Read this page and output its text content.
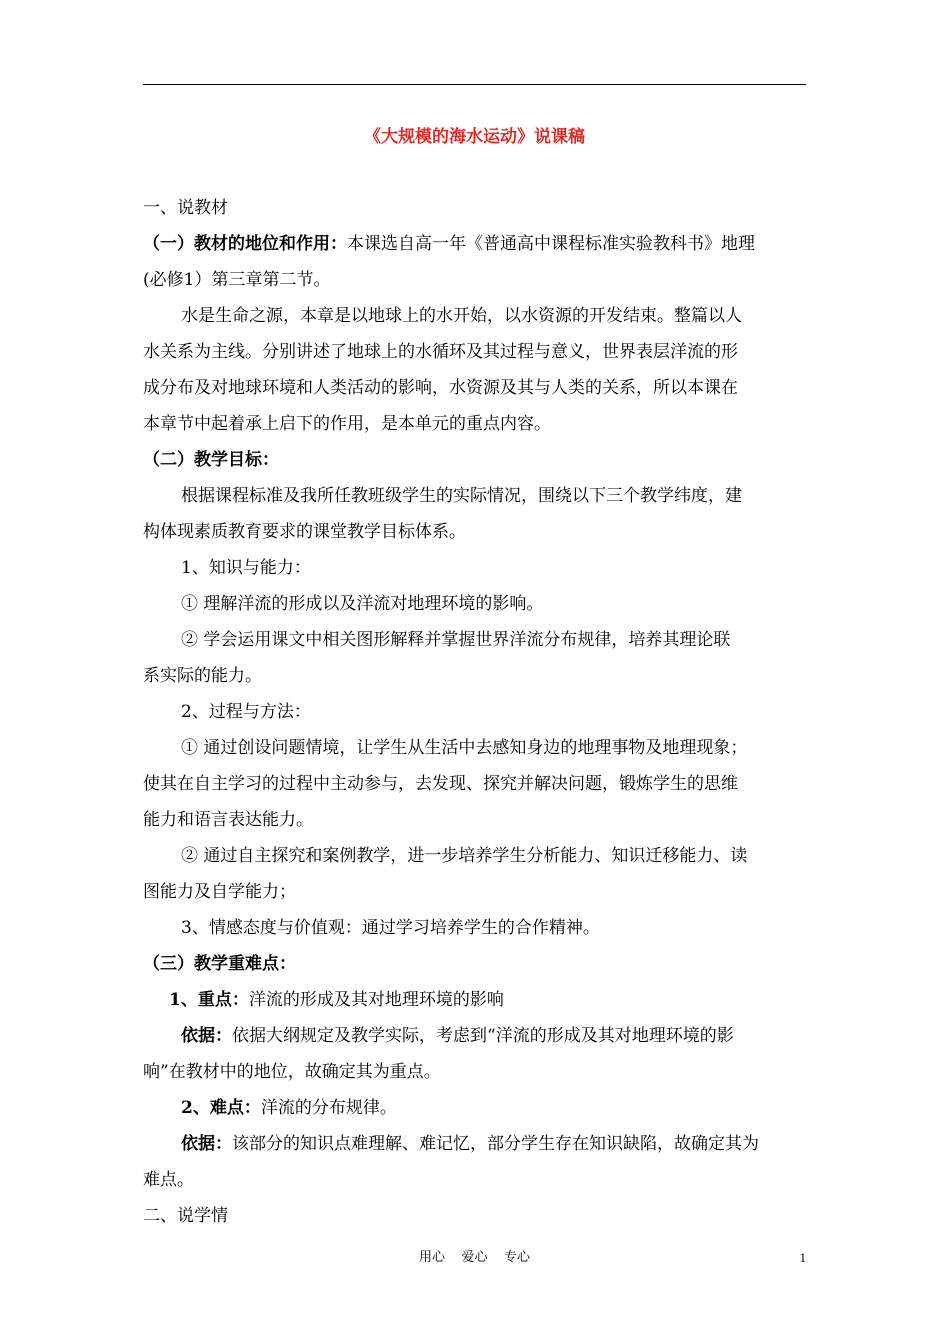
《大规模的海水运动》说课稿
一、说教材
（一）教材的地位和作用：本课选自高一年《普通高中课程标准实验教科书》地理
(必修1）第三章第二节。
水是生命之源，本章是以地球上的水开始，以水资源的开发结束。整篇以人
水关系为主线。分别讲述了地球上的水循环及其过程与意义，世界表层洋流的形
成分布及对地球环境和人类活动的影响，水资源及其与人类的关系，所以本课在
本章节中起着承上启下的作用，是本单元的重点内容。
（二）教学目标：
根据课程标准及我所任教班级学生的实际情况，围绕以下三个教学纬度，建
构体现素质教育要求的课堂教学目标体系。
1、知识与能力：
① 理解洋流的形成以及洋流对地理环境的影响。
② 学会运用课文中相关图形解释并掌握世界洋流分布规律，培养其理论联
系实际的能力。
2、过程与方法：
① 通过创设问题情境，让学生从生活中去感知身边的地理事物及地理现象；
使其在自主学习的过程中主动参与，去发现、探究并解决问题，锻炼学生的思维
能力和语言表达能力。
② 通过自主探究和案例教学，进一步培养学生分析能力、知识迁移能力、读
图能力及自学能力；
3、情感态度与价值观：通过学习培养学生的合作精神。
（三）教学重难点：
1、重点：洋流的形成及其对地理环境的影响
依据：依据大纲规定及教学实际，考虑到“洋流的形成及其对地理环境的影
响”在教材中的地位，故确定其为重点。
2、难点：洋流的分布规律。
依据：该部分的知识点难理解、难记忆，部分学生存在知识缺陷，故确定其为
难点。
二、说学情
用心    爱心    专心	1
